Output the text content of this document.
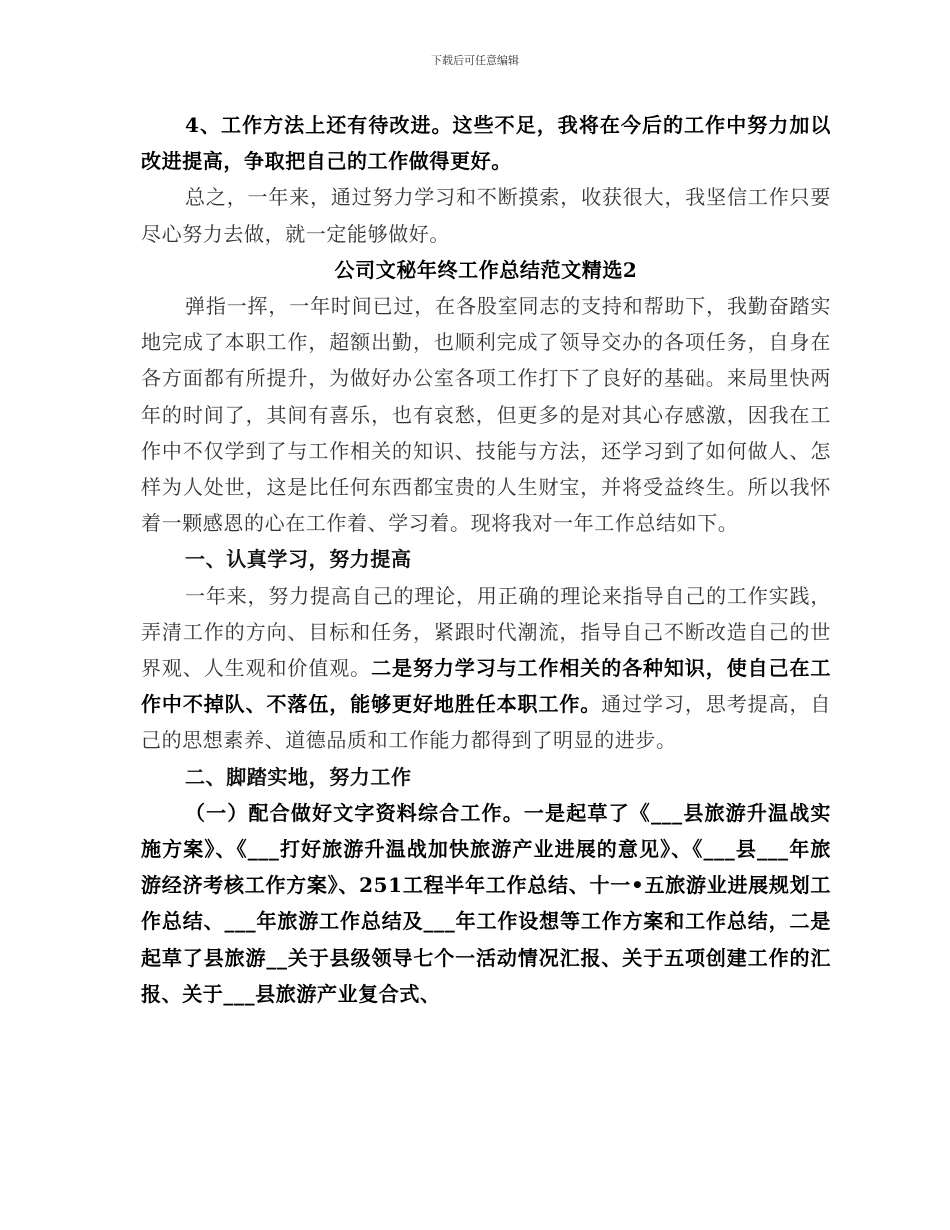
下载后可任意编辑

4、工作方法上还有待改进。这些不足，我将在今后的工作中努力加以改进提高，争取把自己的工作做得更好。

总之，一年来，通过努力学习和不断摸索，收获很大，我坚信工作只要尽心努力去做，就一定能够做好。

公司文秘年终工作总结范文精选2

弹指一挥，一年时间已过，在各股室同志的支持和帮助下，我勤奋踏实地完成了本职工作，超额出勤，也顺利完成了领导交办的各项任务，自身在各方面都有所提升，为做好办公室各项工作打下了良好的基础。来局里快两年的时间了，其间有喜乐，也有哀愁，但更多的是对其心存感激，因我在工作中不仅学到了与工作相关的知识、技能与方法，还学习到了如何做人、怎样为人处世，这是比任何东西都宝贵的人生财宝，并将受益终生。所以我怀着一颗感恩的心在工作着、学习着。现将我对一年工作总结如下。

一、认真学习，努力提高

一年来，努力提高自己的理论，用正确的理论来指导自己的工作实践，弄清工作的方向、目标和任务，紧跟时代潮流，指导自己不断改造自己的世界观、人生观和价值观。二是努力学习与工作相关的各种知识，使自己在工作中不掉队、不落伍，能够更好地胜任本职工作。通过学习，思考提高，自己的思想素养、道德品质和工作能力都得到了明显的进步。

二、脚踏实地，努力工作

（一）配合做好文字资料综合工作。一是起草了《___县旅游升温战实施方案》、《___打好旅游升温战加快旅游产业进展的意见》、《___县___年旅游经济考核工作方案》、251工程半年工作总结、十一•五旅游业进展规划工作总结、___年旅游工作总结及___年工作设想等工作方案和工作总结，二是起草了县旅游__关于县级领导七个一活动情况汇报、关于五项创建工作的汇报、关于___县旅游产业复合式、
